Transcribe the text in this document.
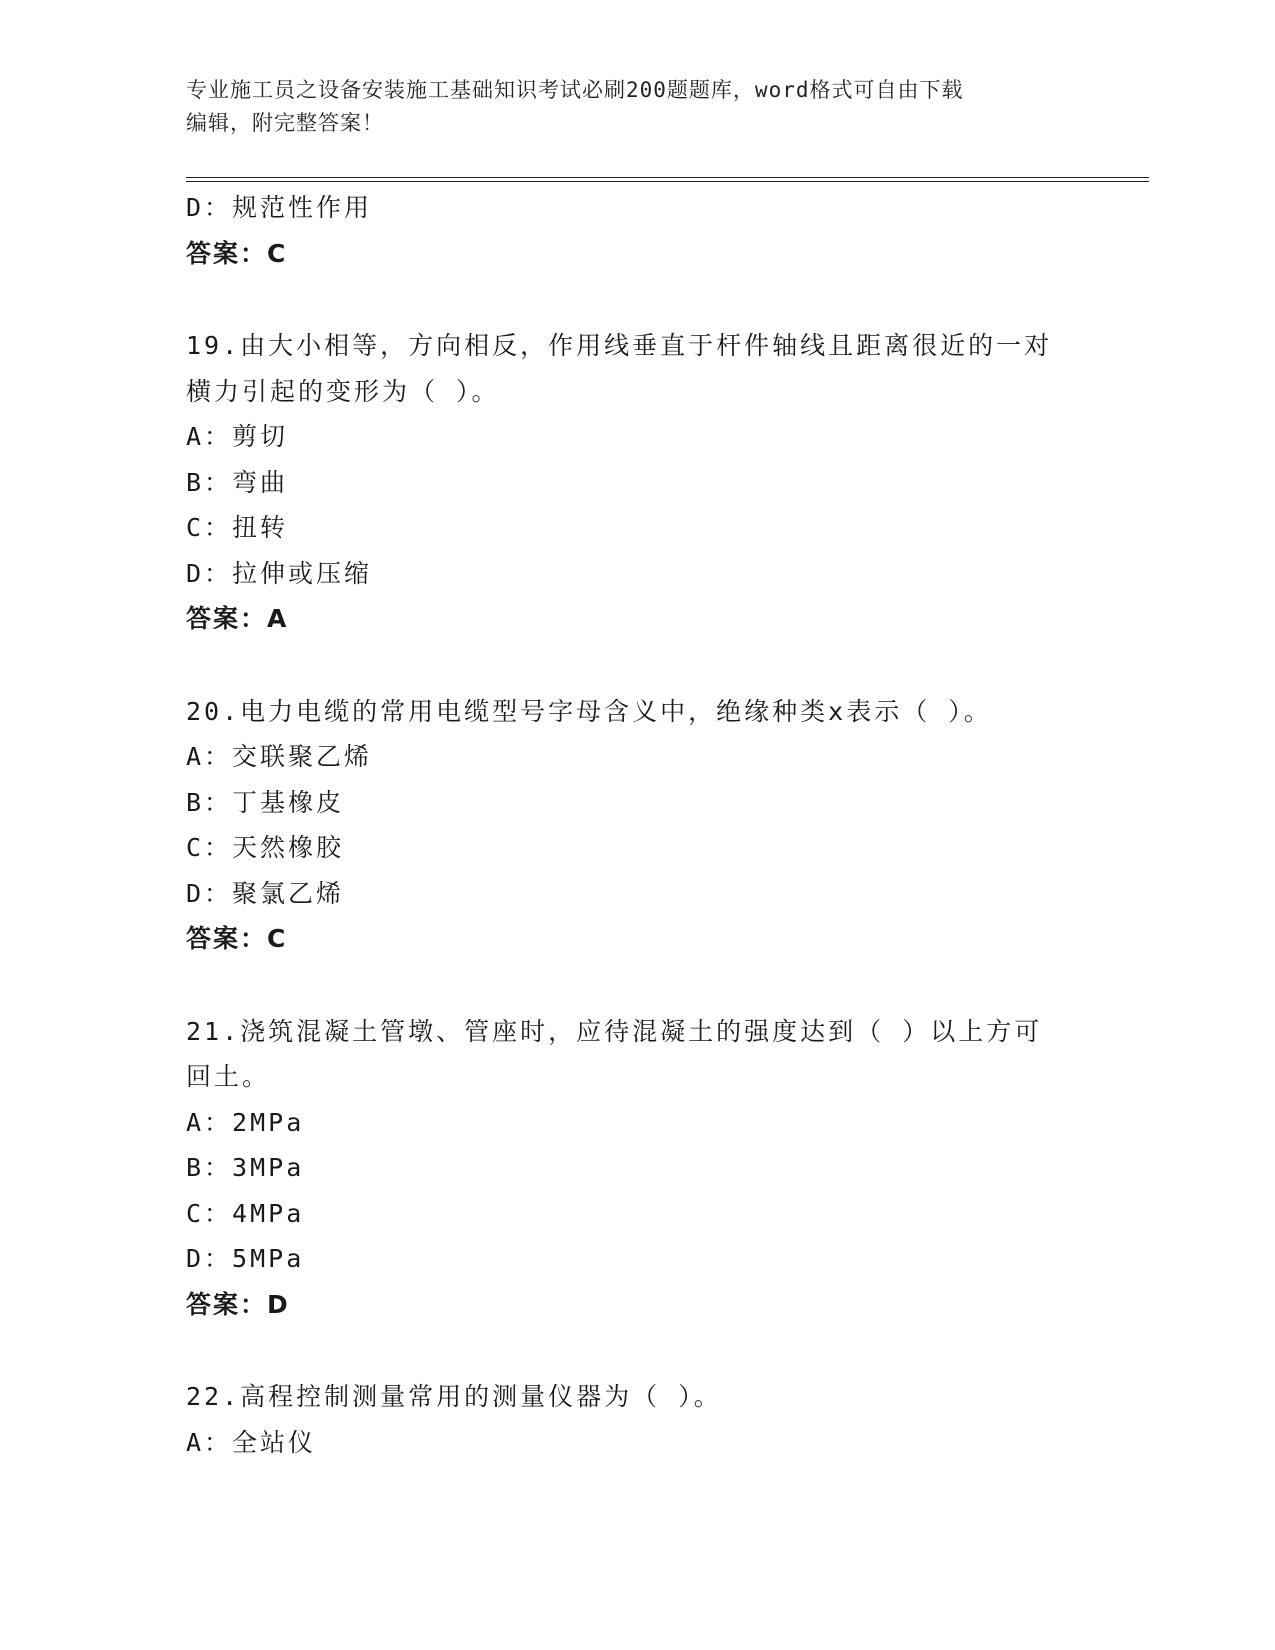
专业施工员之设备安装施工基础知识考试必刷200题题库，word格式可自由下载
编辑，附完整答案！
D：规范性作用
答案：C
19.由大小相等，方向相反，作用线垂直于杆件轴线且距离很近的一对
横力引起的变形为（ ）。
A：剪切
B：弯曲
C：扭转
D：拉伸或压缩
答案：A
20.电力电缆的常用电缆型号字母含义中，绝缘种类x表示（ ）。
A：交联聚乙烯
B：丁基橡皮
C：天然橡胶
D：聚氯乙烯
答案：C
21.浇筑混凝土管墩、管座时，应待混凝土的强度达到（ ）以上方可
回土。
A：2MPa
B：3MPa
C：4MPa
D：5MPa
答案：D
22.高程控制测量常用的测量仪器为（ ）。
A：全站仪
